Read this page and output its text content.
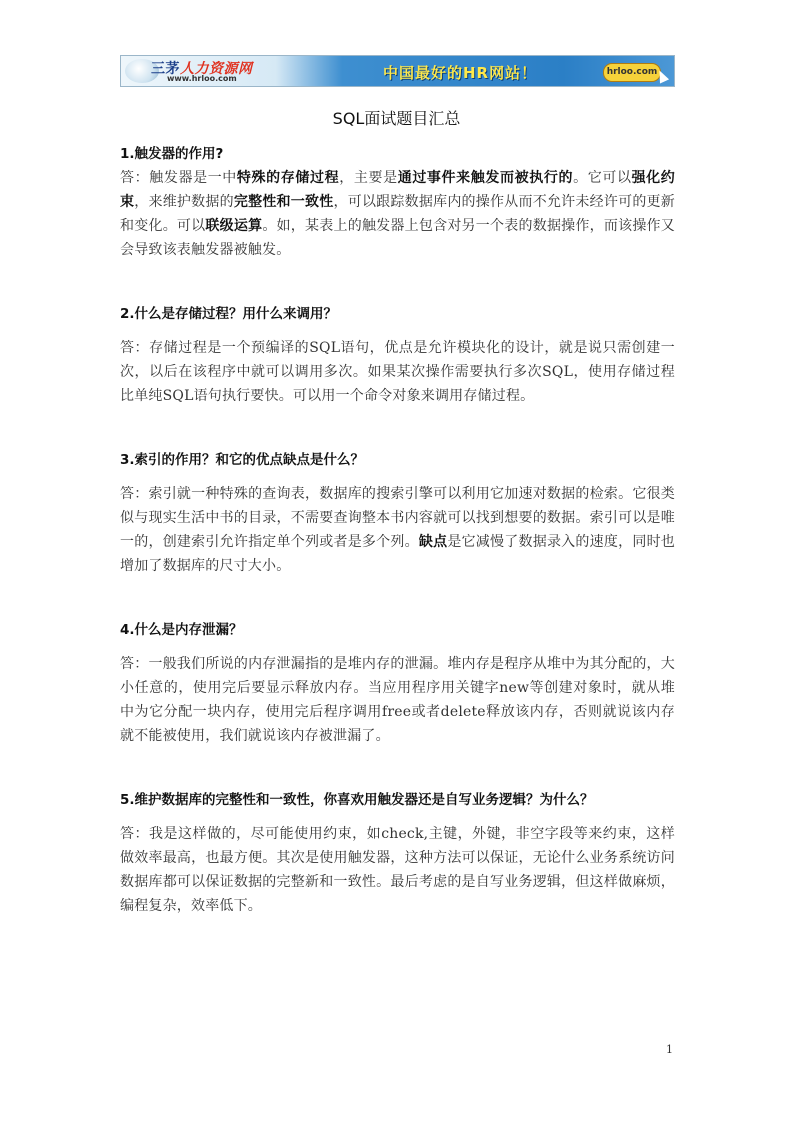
三茅人力资源网
www.hrloo.com	中国最好的HR网站！	hrloo.com
SQL面试题目汇总

1.触发器的作用?

答：触发器是一中特殊的存储过程，主要是通过事件来触发而被执行的。它可以强化约束，来维护数据的完整性和一致性，可以跟踪数据库内的操作从而不允许未经许可的更新和变化。可以联级运算。如，某表上的触发器上包含对另一个表的数据操作，而该操作又会导致该表触发器被触发。

2.什么是存储过程？用什么来调用？

答：存储过程是一个预编译的SQL语句，优点是允许模块化的设计，就是说只需创建一次，以后在该程序中就可以调用多次。如果某次操作需要执行多次SQL，使用存储过程比单纯SQL语句执行要快。可以用一个命令对象来调用存储过程。

3.索引的作用？和它的优点缺点是什么？

答：索引就一种特殊的查询表，数据库的搜索引擎可以利用它加速对数据的检索。它很类似与现实生活中书的目录，不需要查询整本书内容就可以找到想要的数据。索引可以是唯一的，创建索引允许指定单个列或者是多个列。缺点是它减慢了数据录入的速度，同时也增加了数据库的尺寸大小。

4.什么是内存泄漏？

答：一般我们所说的内存泄漏指的是堆内存的泄漏。堆内存是程序从堆中为其分配的，大小任意的，使用完后要显示释放内存。当应用程序用关键字new等创建对象时，就从堆中为它分配一块内存，使用完后程序调用free或者delete释放该内存，否则就说该内存就不能被使用，我们就说该内存被泄漏了。

5.维护数据库的完整性和一致性，你喜欢用触发器还是自写业务逻辑？为什么？

答：我是这样做的，尽可能使用约束，如check,主键，外键，非空字段等来约束，这样做效率最高，也最方便。其次是使用触发器，这种方法可以保证，无论什么业务系统访问数据库都可以保证数据的完整新和一致性。最后考虑的是自写业务逻辑，但这样做麻烦，编程复杂，效率低下。

1
